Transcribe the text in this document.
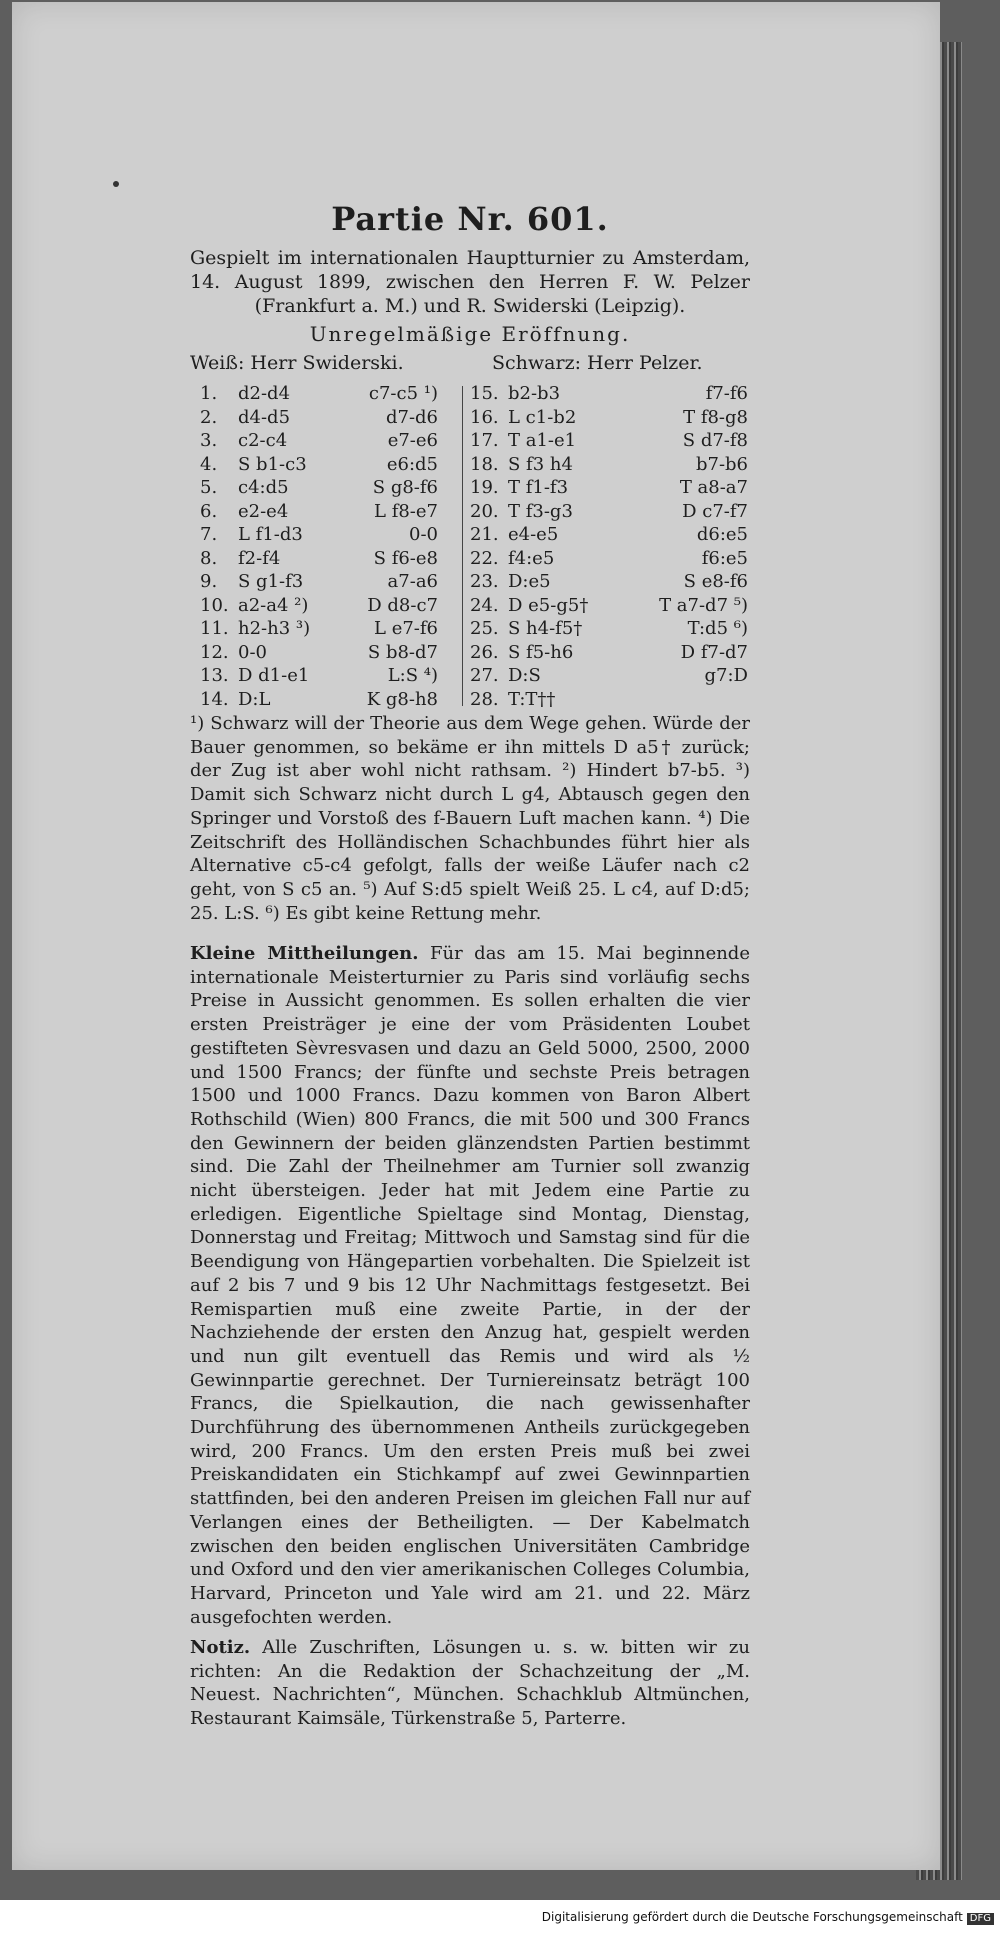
Partie Nr. 601.
Gespielt im internationalen Hauptturnier zu Amsterdam, 14. August 1899, zwischen den Herren F. W. Pelzer (Frankfurt a. M.) und R. Swiderski (Leipzig).
Unregelmäßige Eröffnung.
Weiß: Herr Swiderski.	Schwarz: Herr Pelzer.
1.	d2-d4	c7-c5 ¹) 15. b2-b3	f7-f6
2.	d4-d5	d7-d6 16. L c1-b2	T f8-g8
3.	c2-c4	e7-e6 17. T a1-e1	S d7-f8
4.	S b1-c3	e6:d5 18. S f3 h4	b7-b6
5.	c4:d5	S g8-f6 19. T f1-f3	T a8-a7
6.	e2-e4	L f8-e7 20. T f3-g3	D c7-f7
7.	L f1-d3	0-0 21. e4-e5	d6:e5
8.	f2-f4	S f6-e8 22. f4:e5	f6:e5
9.	S g1-f3	a7-a6 23. D:e5	S e8-f6
10. a2-a4 ²)	D d8-c7 24. D e5-g5†	T a7-d7 ⁵)
11. h2-h3 ³)	L e7-f6 25. S h4-f5†	T:d5 ⁶)
12. 0-0	S b8-d7 26. S f5-h6	D f7-d7
13. D d1-e1	L:S ⁴) 27. D:S	g7:D
14. D:L	K g8-h8 28. T:T††
¹) Schwarz will der Theorie aus dem Wege gehen. Würde der Bauer genommen, so bekäme er ihn mittels D a5† zurück; der Zug ist aber wohl nicht rathsam. ²) Hindert b7-b5. ³) Damit sich Schwarz nicht durch L g4, Abtausch gegen den Springer und Vorstoß des f-Bauern Luft machen kann. ⁴) Die Zeitschrift des Holländischen Schachbundes führt hier als Alternative c5-c4 gefolgt, falls der weiße Läufer nach c2 geht, von S c5 an. ⁵) Auf S:d5 spielt Weiß 25. L c4, auf D:d5; 25. L:S. ⁶) Es gibt keine Rettung mehr.
Kleine Mittheilungen. Für das am 15. Mai beginnende internationale Meisterturnier zu Paris sind vorläufig sechs Preise in Aussicht genommen. Es sollen erhalten die vier ersten Preisträger je eine der vom Präsidenten Loubet gestifteten Sèvresvasen und dazu an Geld 5000, 2500, 2000 und 1500 Francs; der fünfte und sechste Preis betragen 1500 und 1000 Francs. Dazu kommen von Baron Albert Rothschild (Wien) 800 Francs, die mit 500 und 300 Francs den Gewinnern der beiden glänzendsten Partien bestimmt sind. Die Zahl der Theilnehmer am Turnier soll zwanzig nicht übersteigen. Jeder hat mit Jedem eine Partie zu erledigen. Eigentliche Spieltage sind Montag, Dienstag, Donnerstag und Freitag; Mittwoch und Samstag sind für die Beendigung von Hängepartien vorbehalten. Die Spielzeit ist auf 2 bis 7 und 9 bis 12 Uhr Nachmittags festgesetzt. Bei Remispartien muß eine zweite Partie, in der der Nachziehende der ersten den Anzug hat, gespielt werden und nun gilt eventuell das Remis und wird als ½ Gewinnpartie gerechnet. Der Turniereinsatz beträgt 100 Francs, die Spielkaution, die nach gewissenhafter Durchführung des übernommenen Antheils zurückgegeben wird, 200 Francs. Um den ersten Preis muß bei zwei Preiskandidaten ein Stichkampf auf zwei Gewinnpartien stattfinden, bei den anderen Preisen im gleichen Fall nur auf Verlangen eines der Betheiligten. — Der Kabelmatch zwischen den beiden englischen Universitäten Cambridge und Oxford und den vier amerikanischen Colleges Columbia, Harvard, Princeton und Yale wird am 21. und 22. März ausgefochten werden.
Notiz. Alle Zuschriften, Lösungen u. s. w. bitten wir zu richten: An die Redaktion der Schachzeitung der „M. Neuest. Nachrichten“, München. Schachklub Altmünchen, Restaurant Kaimsäle, Türkenstraße 5, Parterre.
Digitalisierung gefördert durch die Deutsche Forschungsgemeinschaft DFG
